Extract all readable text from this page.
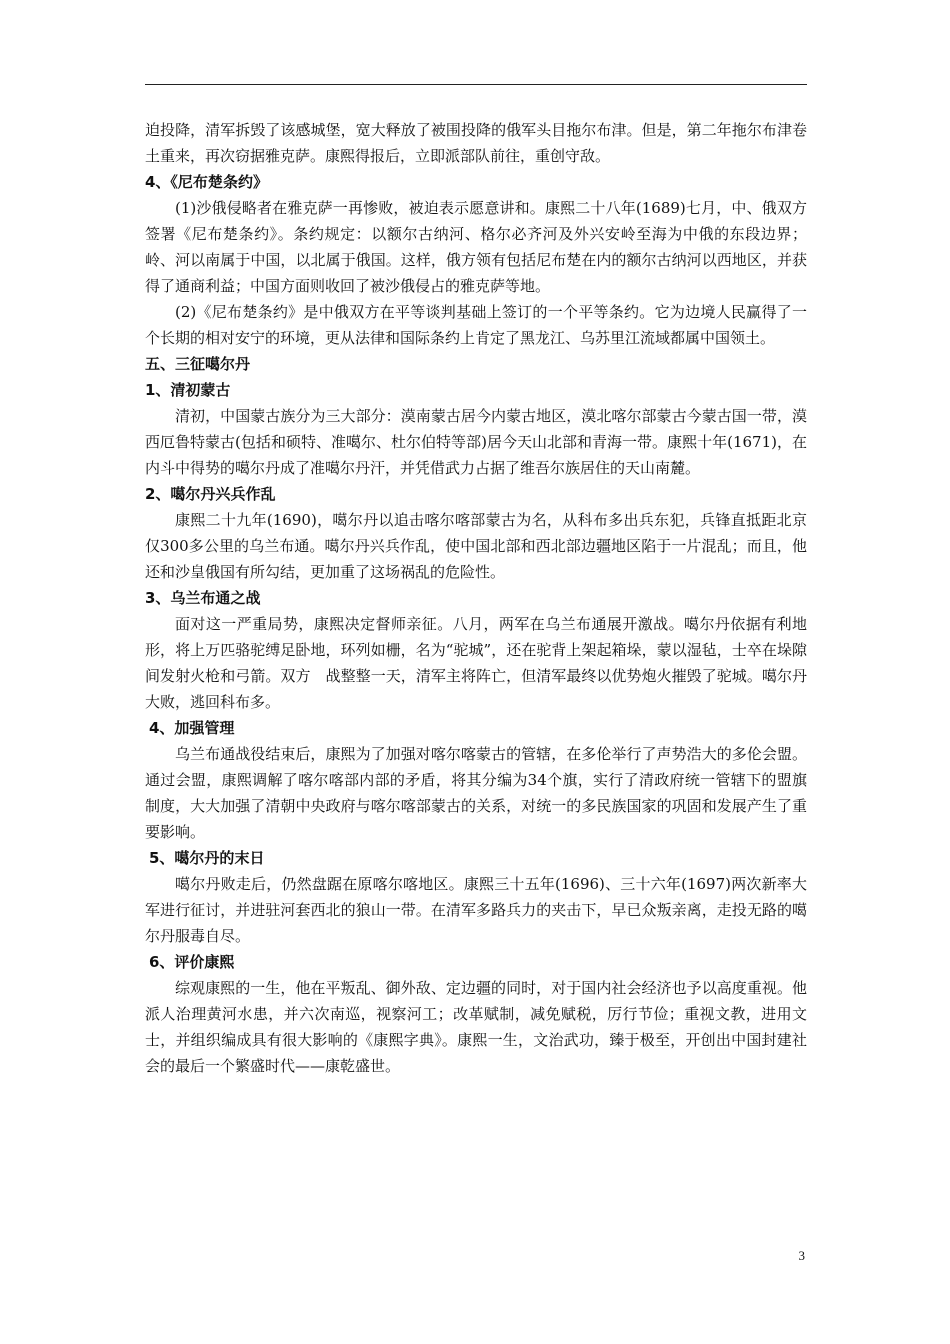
迫投降，清军拆毁了该感城堡，宽大释放了被围投降的俄军头目拖尔布津。但是，第二年拖尔布津卷土重来，再次窃据雅克萨。康熙得报后，立即派部队前往，重创守敌。

4、《尼布楚条约》

(1)沙俄侵略者在雅克萨一再惨败，被迫表示愿意讲和。康熙二十八年(1689)七月，中、俄双方签署《尼布楚条约》。条约规定：以额尔古纳河、格尔必齐河及外兴安岭至海为中俄的东段边界；岭、河以南属于中国，以北属于俄国。这样，俄方领有包括尼布楚在内的额尔古纳河以西地区，并获得了通商利益；中国方面则收回了被沙俄侵占的雅克萨等地。

(2)《尼布楚条约》是中俄双方在平等谈判基础上签订的一个平等条约。它为边境人民赢得了一个长期的相对安宁的环境，更从法律和国际条约上肯定了黑龙江、乌苏里江流域都属中国领土。

五、三征噶尔丹

1、清初蒙古

清初，中国蒙古族分为三大部分：漠南蒙古居今内蒙古地区，漠北喀尔部蒙古今蒙古国一带，漠西厄鲁特蒙古(包括和硕特、准噶尔、杜尔伯特等部)居今天山北部和青海一带。康熙十年(1671)，在内斗中得势的噶尔丹成了准噶尔丹汗，并凭借武力占据了维吾尔族居住的天山南麓。

2、噶尔丹兴兵作乱

康熙二十九年(1690)，噶尔丹以追击喀尔喀部蒙古为名，从科布多出兵东犯，兵锋直抵距北京仅300多公里的乌兰布通。噶尔丹兴兵作乱，使中国北部和西北部边疆地区陷于一片混乱；而且，他还和沙皇俄国有所勾结，更加重了这场祸乱的危险性。

3、乌兰布通之战

面对这一严重局势，康熙决定督师亲征。八月，两军在乌兰布通展开激战。噶尔丹依据有利地形，将上万匹骆驼缚足卧地，环列如栅，名为“驼城”，还在驼背上架起箱垛，蒙以湿毡，士卒在垛隙间发射火枪和弓箭。双方　战整整一天，清军主将阵亡，但清军最终以优势炮火摧毁了驼城。噶尔丹大败，逃回科布多。

4、加强管理

乌兰布通战役结束后，康熙为了加强对喀尔喀蒙古的管辖，在多伦举行了声势浩大的多伦会盟。通过会盟，康熙调解了喀尔喀部内部的矛盾，将其分编为34个旗，实行了清政府统一管辖下的盟旗制度，大大加强了清朝中央政府与喀尔喀部蒙古的关系，对统一的多民族国家的巩固和发展产生了重要影响。

5、噶尔丹的末日

噶尔丹败走后，仍然盘踞在原喀尔喀地区。康熙三十五年(1696)、三十六年(1697)两次新率大军进行征讨，并进驻河套西北的狼山一带。在清军多路兵力的夹击下，早已众叛亲离，走投无路的噶尔丹服毒自尽。

6、评价康熙

综观康熙的一生，他在平叛乱、御外敌、定边疆的同时，对于国内社会经济也予以高度重视。他派人治理黄河水患，并六次南巡，视察河工；改革赋制，减免赋税，厉行节俭；重视文教，进用文士，并组织编成具有很大影响的《康熙字典》。康熙一生，文治武功，臻于极至，开创出中国封建社会的最后一个繁盛时代——康乾盛世。

3
